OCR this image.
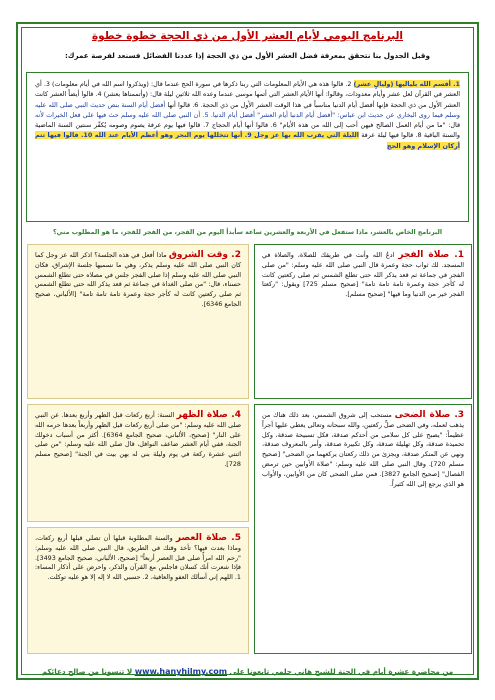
البرنامج اليومي لأيام العشر الأول من ذي الحجة خطوة خطوة
وقبل الجدول بنا نتحقق بمعرفة فضل العشر الأول من ذي الحجة إذا عددنا الفضائل فسنعد لفرصة عمرك:
1. أقسم الله بلياليها (وليالٍ عشر) 2. قالوا هذه هي الأيام المعلومات التي ربنا ذكرها في سورة الحج عندما قال: (ويذكروا اسم الله في أيام معلومات) 3. أي العشر في القرآن لعل عشر وأيام معدودات، وقالوا: أنها الأيام العشر التي أتمها موسى عندما وعده الله ثلاثين ليلة قال: (وأتممناها بعشر) 4. قالوا أيضاً العشر كانت العشر الأول من ذي الحجة فإنها أفضل أيام الدنيا مناسباً في هذا الوقت العشر الأول من ذي الحجة. 6. قالوا أنها أفضل أيام السنة بنص حديث النبي صلى الله عليه وسلم فيما روى البخاري عن حديث ابن عباس: "أفضل أيام الدنيا أيام العشر" أفضل أيام الدنيا. 5. أن النبي صلى الله عليه وسلم حث فيها على فعل الخيرات لأنه قال: "ما من أيام العمل الصالح فيهن أحب إلى الله من هذه الأيام" 6. قالوا أنها أيام الحجاج 7. قالوا فيها يوم عرفة يصوم وصومه يُكفّر سنتين السنة الماضية والسنة الباقية 8. قالوا فيها ليلة عرفة الليلة التي يقرب الله بها عز وجل 9. أنها تتخللها يوم النحر وهو أعظم الأيام عند الله 10. فالوا فيها تتم أركان الإسلام وهو الحج
البرنامج الخاص بالعشر، ماذا ستفعل في الأربعة والعشرين ساعة سأبدأ اليوم من الفجر، من الفجر للفجر، ما هو المطلوب مني؟
1. صلاة الفجر ادعُ الله وأنت في طريقك للصلاة، والصلاة في المسجد. لك ثواب حجة وعمرة قال النبي صلى الله عليه وسلم: "من صلى الفجر في جماعة ثم قعد يذكر الله حتى تطلع الشمس ثم صلى ركعتين كانت له كأجر حجة وعمرة تامة تامة تامة" [صحيح مسلم 725] ويقول: "ركعتا الفجر خير من الدنيا وما فيها" [صحيح مسلم].
2. وقت الشروق ماذا أفعل في هذه الجلسة؟ اذكر الله عز وجل كما كان النبي صلى الله عليه وسلم يذكر، وهي ما نسميها جلسة الإشراق، فكان النبي صلى الله عليه وسلم إذا صلى الفجر جلس في مصلاه حتى تطلع الشمس حسناء، قال: "من صلى الغداة في جماعة ثم قعد يذكر الله حتى تطلع الشمس ثم صلى ركعتين كانت له كأجر حجة وعمرة تامة تامة تامة" [الألباني، صحيح الجامع 6346].
3. صلاة الضحى مستحب إلى شروق الشمس، بعد ذلك هناك من يذهب لعمله، وفي الضحى صلِّ ركعتين، والله سبحانه وتعالى يعطي عليها أجراً عظيماً: "يصبح على كل سلامى من أحدكم صدقة، فكل تسبيحة صدقة، وكل تحميدة صدقة، وكل تهليلة صدقة، وكل تكبيرة صدقة، وأمر بالمعروف صدقة، ونهي عن المنكر صدقة، ويجزئ من ذلك ركعتان يركعهما من الضحى" [صحيح مسلم 720]. وقال النبي صلى الله عليه وسلم: "صلاة الأوابين حين ترمض الفصال" [صحيح الجامع 3827]. فمن صلى الضحى كان من الأوابين، والأواب هو الذي يرجع إلى الله كثيراً.
4. صلاة الظهر السنة: أربع ركعات قبل الظهر وأربع بعدها. عن النبي صلى الله عليه وسلم: "من صلى أربع ركعات قبل الظهر وأربعاً بعدها حرمه الله على النار" [صحيح، الألباني، صحيح الجامع 6364]. أكثر من أسباب دخولك الجنة، ففي أيام العشر ضاعف النوافل، قال صلى الله عليه وسلم: "من صلى اثنتي عشرة ركعة في يوم وليلة بني له بهن بيت في الجنة" [صحيح مسلم 728].
5. صلاة العصر والسنة المطلوبة قبلها أن تصلي قبلها أربع ركعات، وماذا بعدت فيها؟ تأخذ وقتك في الطريق، قال النبي صلى الله عليه وسلم: "رحم الله امرأً صلى قبل العصر أربعاً" [صحيح، الألباني، صحيح الجامع 3493]. فإذا شعرت أنك كسلان فاجلس مع القرآن والذكر، واحرص على أذكار المساء: 1. اللهم إني أسألك العفو والعافية، 2. حسبي الله لا إله إلا هو عليه توكلت.
من محاضرة عشرة أيام في الجنة للشيخ هاني حلمي تابعونا على www.hanyhilmy.com لا تنسونا من صالح دعائكم
